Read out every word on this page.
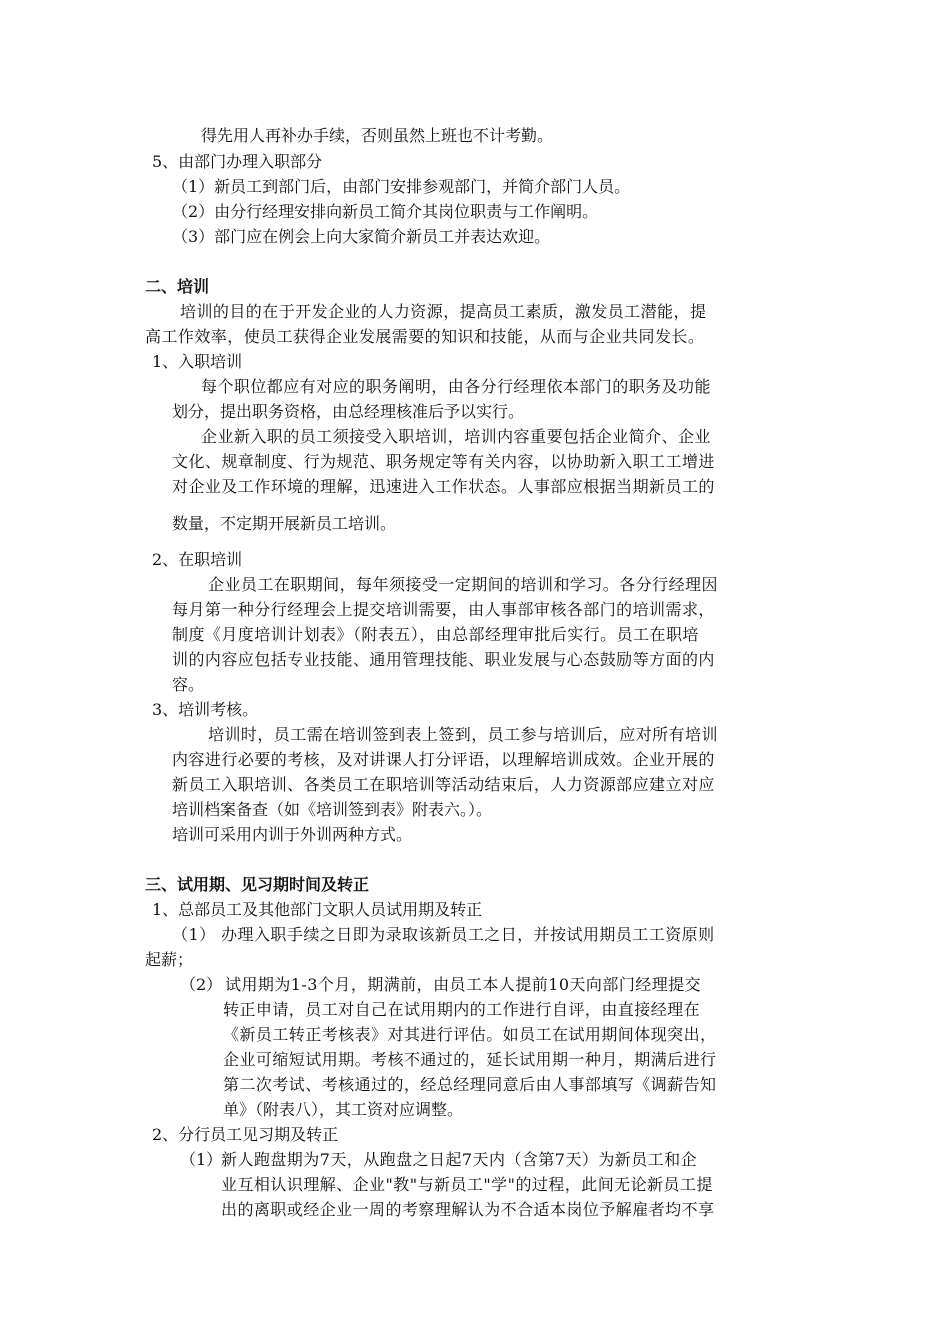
得先用人再补办手续，否则虽然上班也不计考勤。
5、由部门办理入职部分
（1）新员工到部门后，由部门安排参观部门，并简介部门人员。
（2）由分行经理安排向新员工简介其岗位职责与工作阐明。
（3）部门应在例会上向大家简介新员工并表达欢迎。
二、培训
培训的目的在于开发企业的人力资源，提高员工素质，激发员工潜能，提
高工作效率，使员工获得企业发展需要的知识和技能，从而与企业共同发长。
1、入职培训
每个职位都应有对应的职务阐明，由各分行经理依本部门的职务及功能
划分，提出职务资格，由总经理核准后予以实行。
企业新入职的员工须接受入职培训，培训内容重要包括企业简介、企业
文化、规章制度、行为规范、职务规定等有关内容，以协助新入职工工增进
对企业及工作环境的理解，迅速进入工作状态。人事部应根据当期新员工的
数量，不定期开展新员工培训。
2、在职培训
企业员工在职期间，每年须接受一定期间的培训和学习。各分行经理因
每月第一种分行经理会上提交培训需要，由人事部审核各部门的培训需求，
制度《月度培训计划表》（附表五），由总部经理审批后实行。员工在职培
训的内容应包括专业技能、通用管理技能、职业发展与心态鼓励等方面的内
容。
3、培训考核。
培训时，员工需在培训签到表上签到，员工参与培训后，应对所有培训
内容进行必要的考核，及对讲课人打分评语，以理解培训成效。企业开展的
新员工入职培训、各类员工在职培训等活动结束后，人力资源部应建立对应
培训档案备查（如《培训签到表》附表六。）。
培训可采用内训于外训两种方式。
三、试用期、见习期时间及转正
1、总部员工及其他部门文职人员试用期及转正
（1） 办理入职手续之日即为录取该新员工之日，并按试用期员工工资原则
起薪；
（2） 试用期为1-3个月，期满前，由员工本人提前10天向部门经理提交
转正申请，员工对自己在试用期内的工作进行自评，由直接经理在
《新员工转正考核表》对其进行评估。如员工在试用期间体现突出，
企业可缩短试用期。考核不通过的，延长试用期一种月，期满后进行
第二次考试、考核通过的，经总经理同意后由人事部填写《调薪告知
单》（附表八），其工资对应调整。
2、分行员工见习期及转正
（1）
新人跑盘期为7天，从跑盘之日起7天内（含第7天）为新员工和企
业互相认识理解、企业"教"与新员工"学"的过程，此间无论新员工提
出的离职或经企业一周的考察理解认为不合适本岗位予解雇者均不享
